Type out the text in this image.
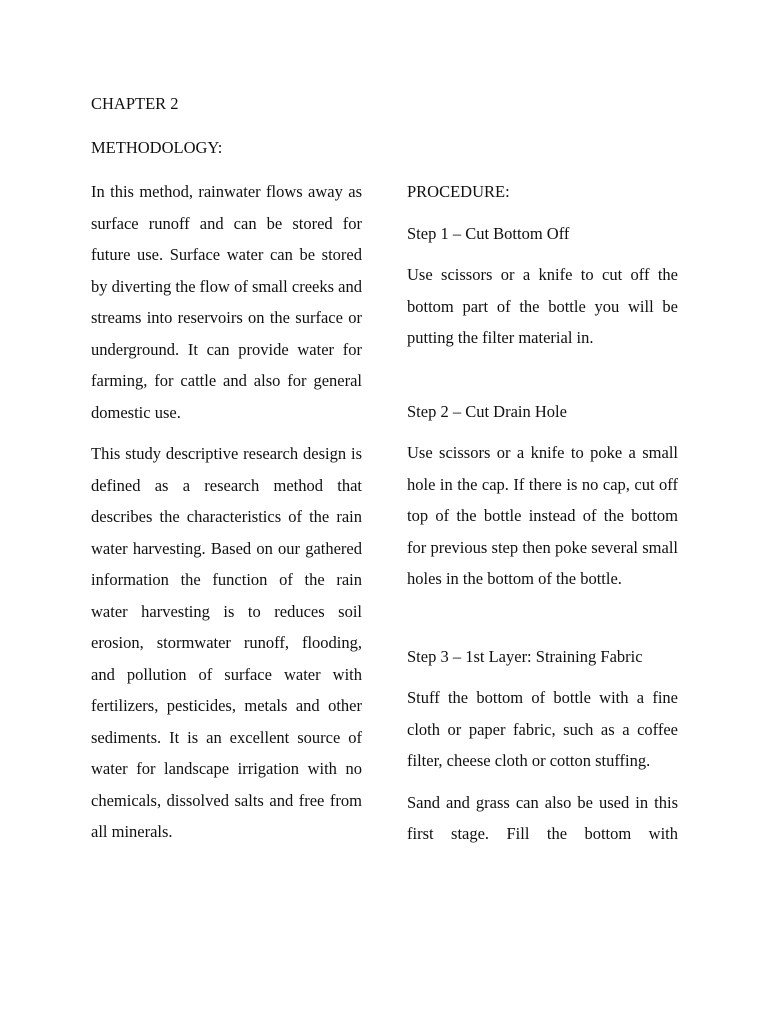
CHAPTER 2
METHODOLOGY:

In this method, rainwater flows away as surface runoff and can be stored for future use. Surface water can be stored by diverting the flow of small creeks and streams into reservoirs on the surface or underground. It can provide water for farming, for cattle and also for general domestic use.

This study descriptive research design is defined as a research method that describes the characteristics of the rain water harvesting. Based on our gathered information the function of the rain water harvesting is to reduces soil erosion, stormwater runoff, flooding, and pollution of surface water with fertilizers, pesticides, metals and other sediments. It is an excellent source of water for landscape irrigation with no chemicals, dissolved salts and free from all minerals.

PROCEDURE:

Step 1 – Cut Bottom Off

Use scissors or a knife to cut off the bottom part of the bottle you will be putting the filter material in.

Step 2 – Cut Drain Hole

Use scissors or a knife to poke a small hole in the cap. If there is no cap, cut off top of the bottle instead of the bottom for previous step then poke several small holes in the bottom of the bottle.

Step 3 – 1st Layer: Straining Fabric

Stuff the bottom of bottle with a fine cloth or paper fabric, such as a coffee filter, cheese cloth or cotton stuffing.

Sand and grass can also be used in this first stage. Fill the bottom with
